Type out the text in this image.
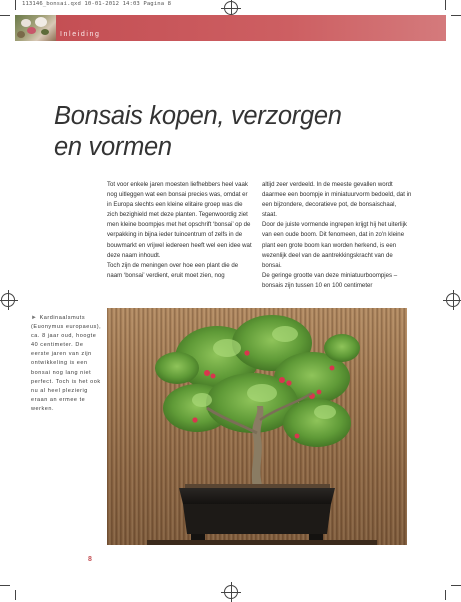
113146_bonsai.qxd 10-01-2012 14:03 Pagina 8
Inleiding
Bonsais kopen, verzorgen
en vormen

Tot voor enkele jaren moesten liefhebbers heel vaak nog uitleggen wat een bonsai precies was, omdat er in Europa slechts een kleine elitaire groep was die zich bezighield met deze planten. Tegenwoordig ziet men kleine boompjes met het opschrift ‘bonsai’ op de verpakking in bijna ieder tuincentrum of zelfs in de bouwmarkt en vrijwel iedereen heeft wel een idee wat deze naam inhoudt.

Toch zijn de meningen over hoe een plant die de naam ‘bonsai’ verdient, eruit moet zien, nog

altijd zeer verdeeld. In de meeste gevallen wordt daarmee een boompje in miniatuurvorm bedoeld, dat in een bijzondere, decoratieve pot, de bonsaischaal, staat.

Door de juiste vormende ingrepen krijgt hij het uiterlijk van een oude boom. Dit fenomeen, dat in zo'n kleine plant een grote boom kan worden herkend, is een wezenlijk deel van de aantrekkingskracht van de bonsai.

De geringe grootte van deze miniatuurboompjes – bonsais zijn tussen 10 en 100 centimeter

► Kardinaalsmuts (Euonymus europaeus), ca. 8 jaar oud, hoogte 40 centimeter. De eerste jaren van zijn ontwikkeling is een bonsai nog lang niet perfect. Toch is het ook nu al heel plezierig eraan an ermee te werken.
8
